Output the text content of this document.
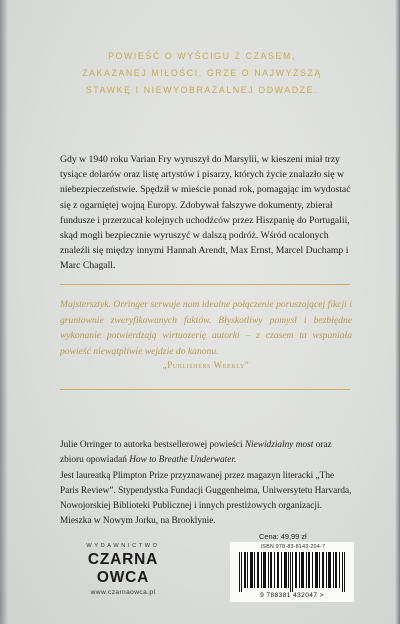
POWIEŚĆ O WYŚCIGU Z CZASEM,
ZAKAZANEJ MIŁOŚCI, GRZE O NAJWYŻSZĄ
STAWKĘ I NIEWYOBRAŻALNEJ ODWADZE.

Gdy w 1940 roku Varian Fry wyruszył do Marsylii, w kieszeni miał trzy tysiące dolarów oraz listę artystów i pisarzy, których życie znalazło się w niebezpieczeństwie. Spędził w mieście ponad rok, pomagając im wydostać się z ogarniętej wojną Europy. Zdobywał fałszywe dokumenty, zbierał fundusze i przerzucał kolejnych uchodźców przez Hiszpanię do Portugalii, skąd mogli bezpiecznie wyruszyć w dalszą podróż. Wśród ocalonych znaleźli się między innymi Hannah Arendt, Max Ernst, Marcel Duchamp i Marc Chagall.

Majstersztyk. Orringer serwuje nam idealne połączenie poruszającej fikcji i gruntownie zweryfikowanych faktów. Błyskotliwy pomysł i bezbłędne wykonanie potwierdzają wirtuozerię autorki – z czasem ta wspaniała powieść niewątpliwie wejdzie do kanonu.

„Publishers Weekly”

Julie Orringer to autorka bestsellerowej powieści Niewidzialny most oraz zbioru opowiadań How to Breathe Underwater.
Jest laureatką Plimpton Prize przyznawanej przez magazyn literacki „The Paris Review”. Stypendystka Fundacji Guggenheima, Uniwersytetu Harvarda, Nowojorskiej Biblioteki Publicznej i innych prestiżowych organizacji. Mieszka w Nowym Jorku, na Brooklynie.

WYDAWNICTWO
CZARNA OWCA
www.czarnaowca.pl
Cena: 49,99 zł
ISBN 978-83-8143-204-7
9 788381 432047 >
